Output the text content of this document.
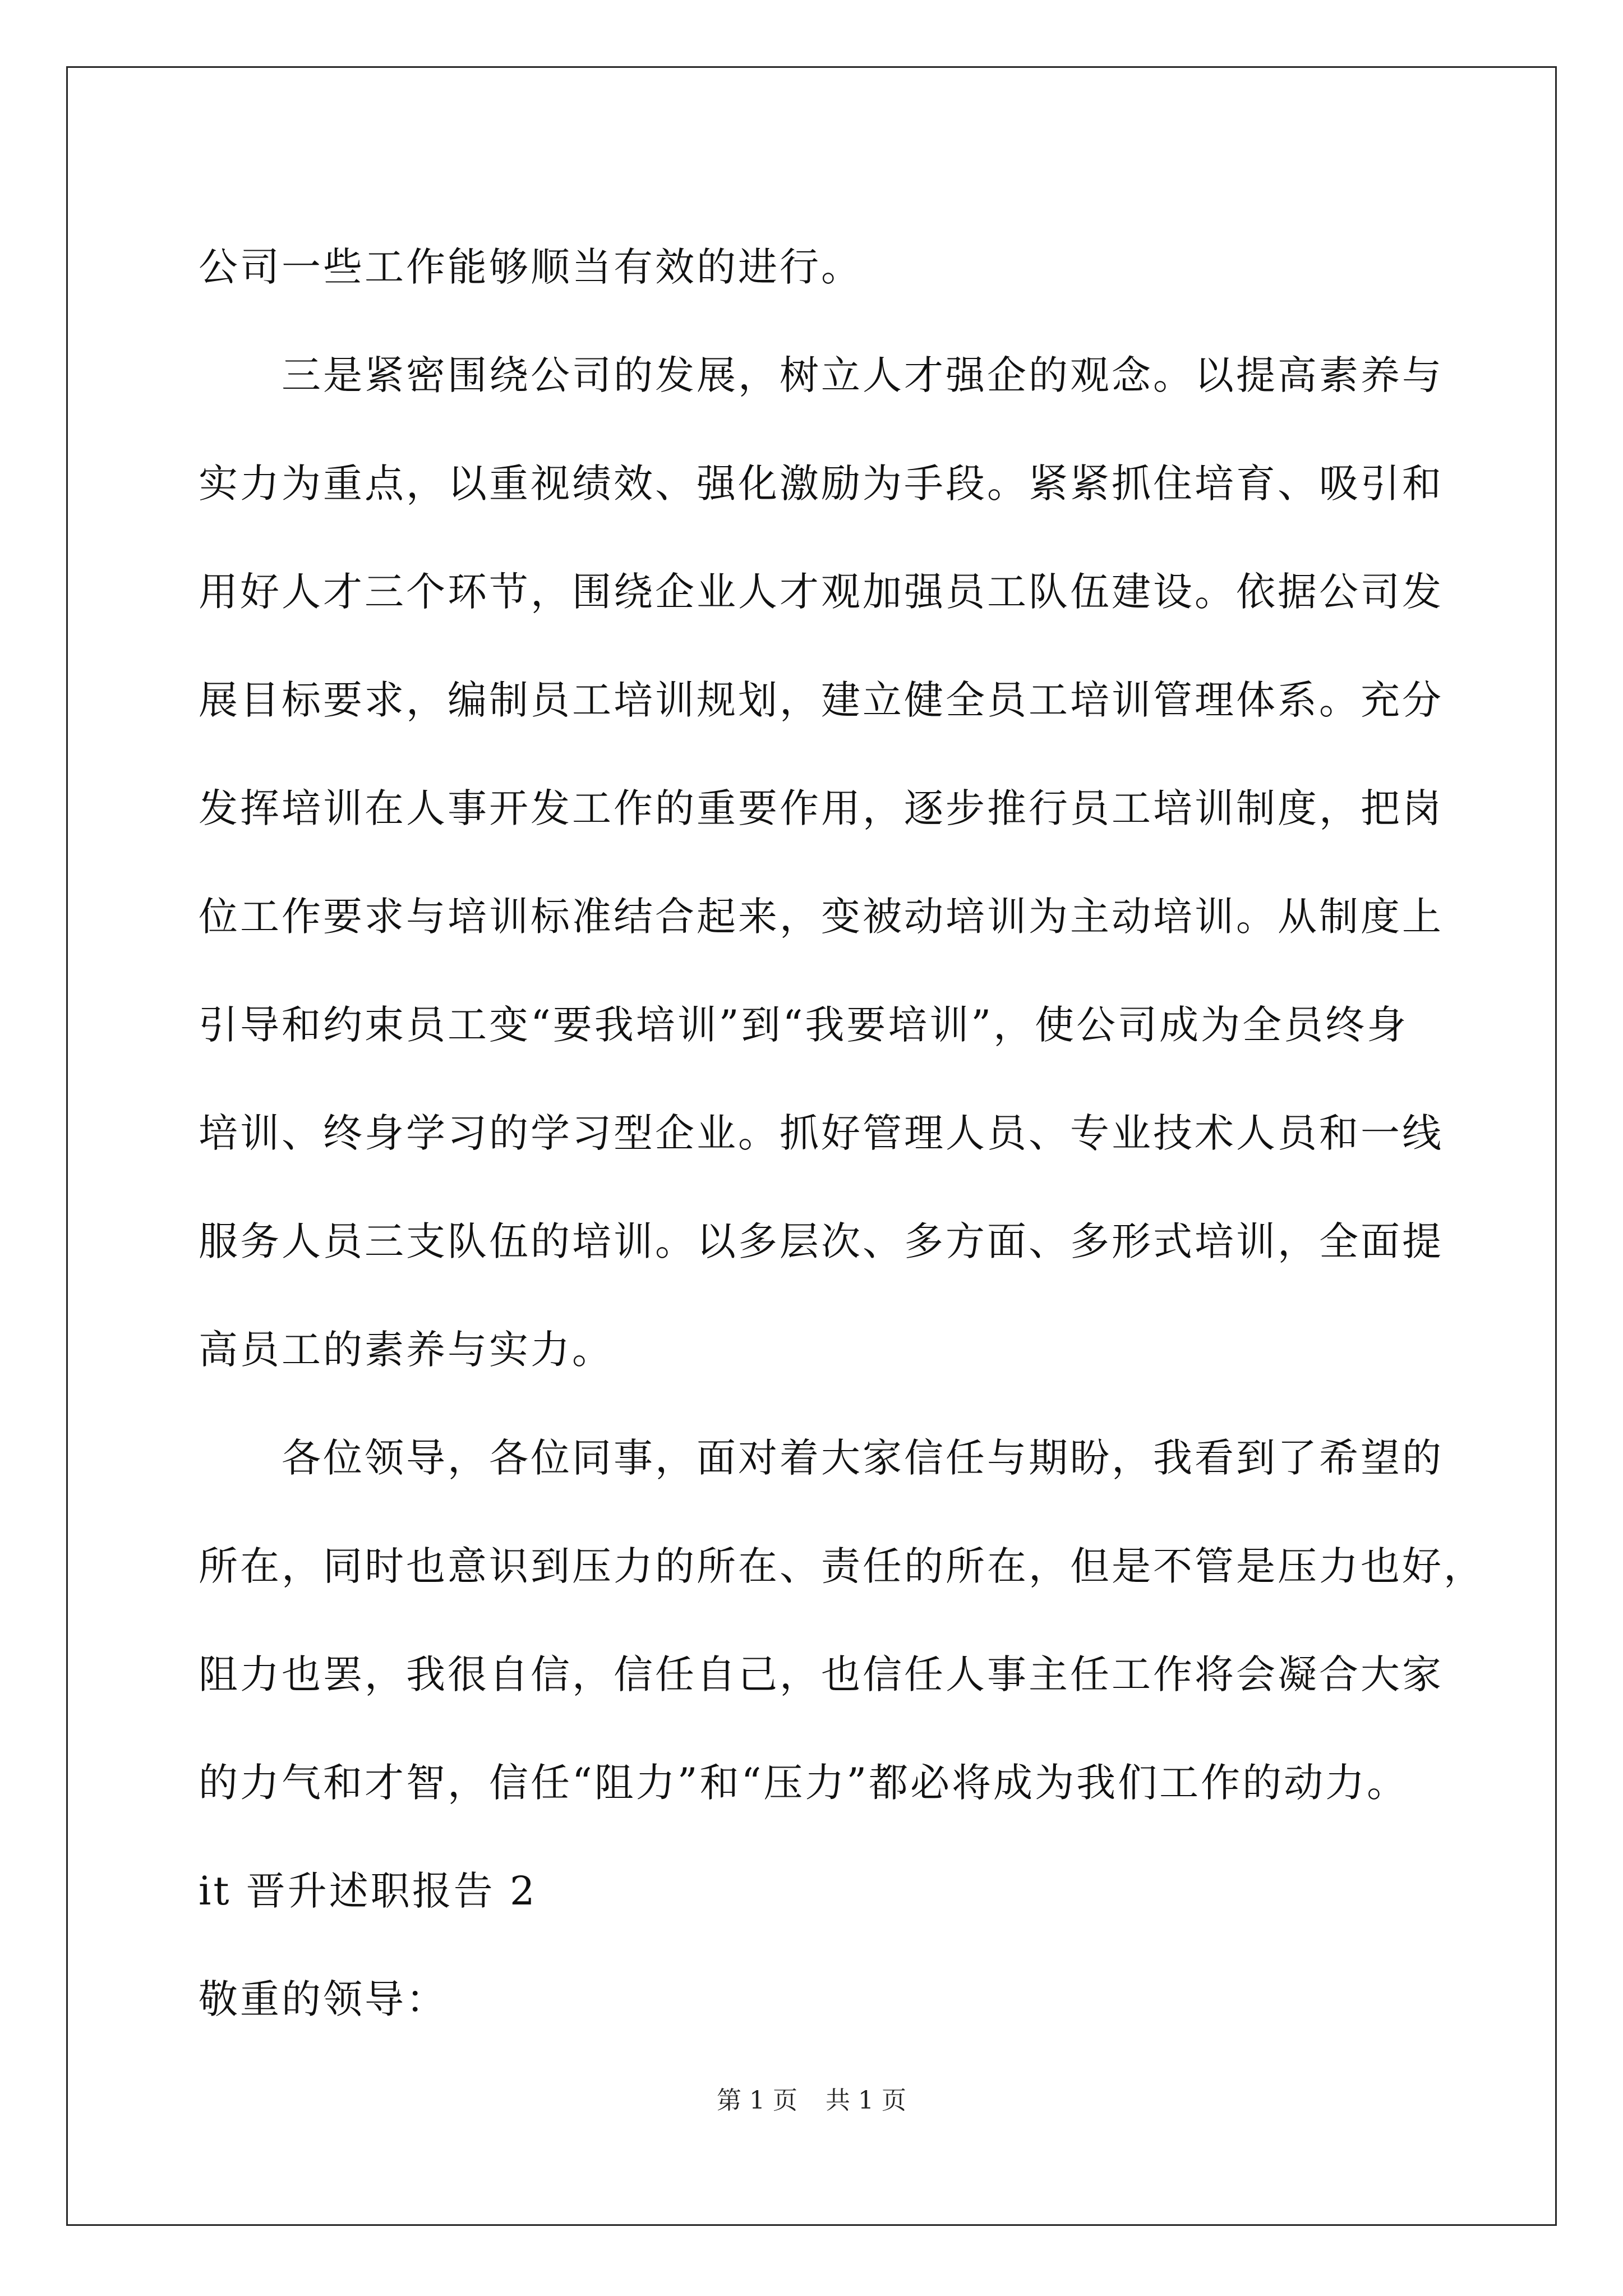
公司一些工作能够顺当有效的进行。
三是紧密围绕公司的发展，树立人才强企的观念。以提高素养与
实力为重点，以重视绩效、强化激励为手段。紧紧抓住培育、吸引和
用好人才三个环节，围绕企业人才观加强员工队伍建设。依据公司发
展目标要求，编制员工培训规划，建立健全员工培训管理体系。充分
发挥培训在人事开发工作的重要作用，逐步推行员工培训制度，把岗
位工作要求与培训标准结合起来，变被动培训为主动培训。从制度上
引导和约束员工变“要我培训”到“我要培训”，使公司成为全员终身
培训、终身学习的学习型企业。抓好管理人员、专业技术人员和一线
服务人员三支队伍的培训。以多层次、多方面、多形式培训，全面提
高员工的素养与实力。
各位领导，各位同事，面对着大家信任与期盼，我看到了希望的
所在，同时也意识到压力的所在、责任的所在，但是不管是压力也好，
阻力也罢，我很自信，信任自己，也信任人事主任工作将会凝合大家
的力气和才智，信任“阻力”和“压力”都必将成为我们工作的动力。
it 晋升述职报告 2
敬重的领导：
第 1 页 共 1 页
